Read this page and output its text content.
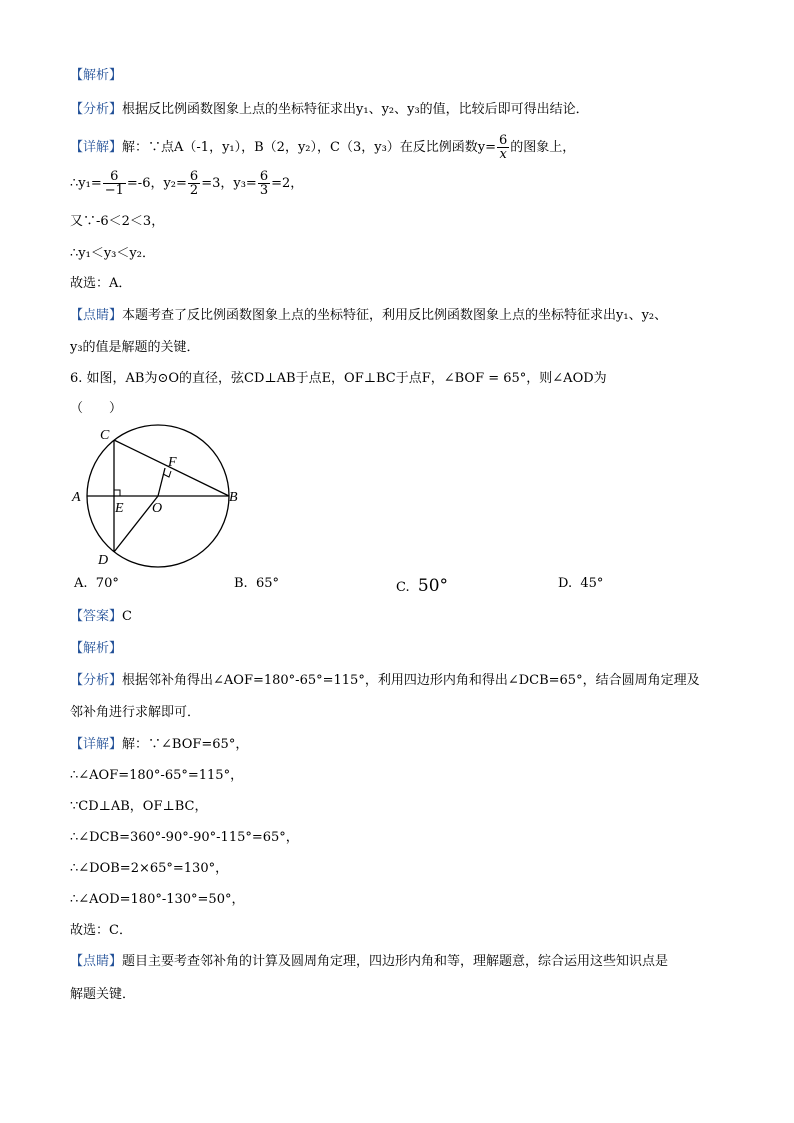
【解析】
【分析】根据反比例函数图象上点的坐标特征求出y₁、y₂、y₃的值，比较后即可得出结论．
【详解】解：∵点A（-1，y₁），B（2，y₂），C（3，y₃）在反比例函数$y= \frac{6}{x}$ 的图象上，
∴y₁= $\frac{6}{-1} =-6$，$y_2= \frac{6}{2} =3$，$y_3= \frac{6}{3} =2$，
又∵-6＜2＜3，
∴y₁＜y₃＜y₂．
故选：A．
【点睛】本题考查了反比例函数图象上点的坐标特征，利用反比例函数图象上点的坐标特征求出y₁、y₂、
y₃的值是解题的关键．
6. 如图，AB为⊙O的直径，弦CD⊥AB于点E，OF⊥BC于点F，∠BOF = 65°，则∠AOD为
（　　）
C
F
A	B
E O
D
A. 70°	B. 65°	C. 50°	D. 45°
【答案】C
【解析】
【分析】根据邻补角得出∠AOF=180°-65°=115°，利用四边形内角和得出∠DCB=65°，结合圆周角定理及
邻补角进行求解即可．
【详解】解：∵∠BOF=65°，
∴∠AOF=180°-65°=115°，
∵CD⊥AB，OF⊥BC，
∴∠DCB=360°-90°-90°-115°=65°，
∴∠DOB=2×65°=130°，
∴∠AOD=180°-130°=50°，
故选：C．
【点睛】题目主要考查邻补角的计算及圆周角定理，四边形内角和等，理解题意，综合运用这些知识点是
解题关键．
